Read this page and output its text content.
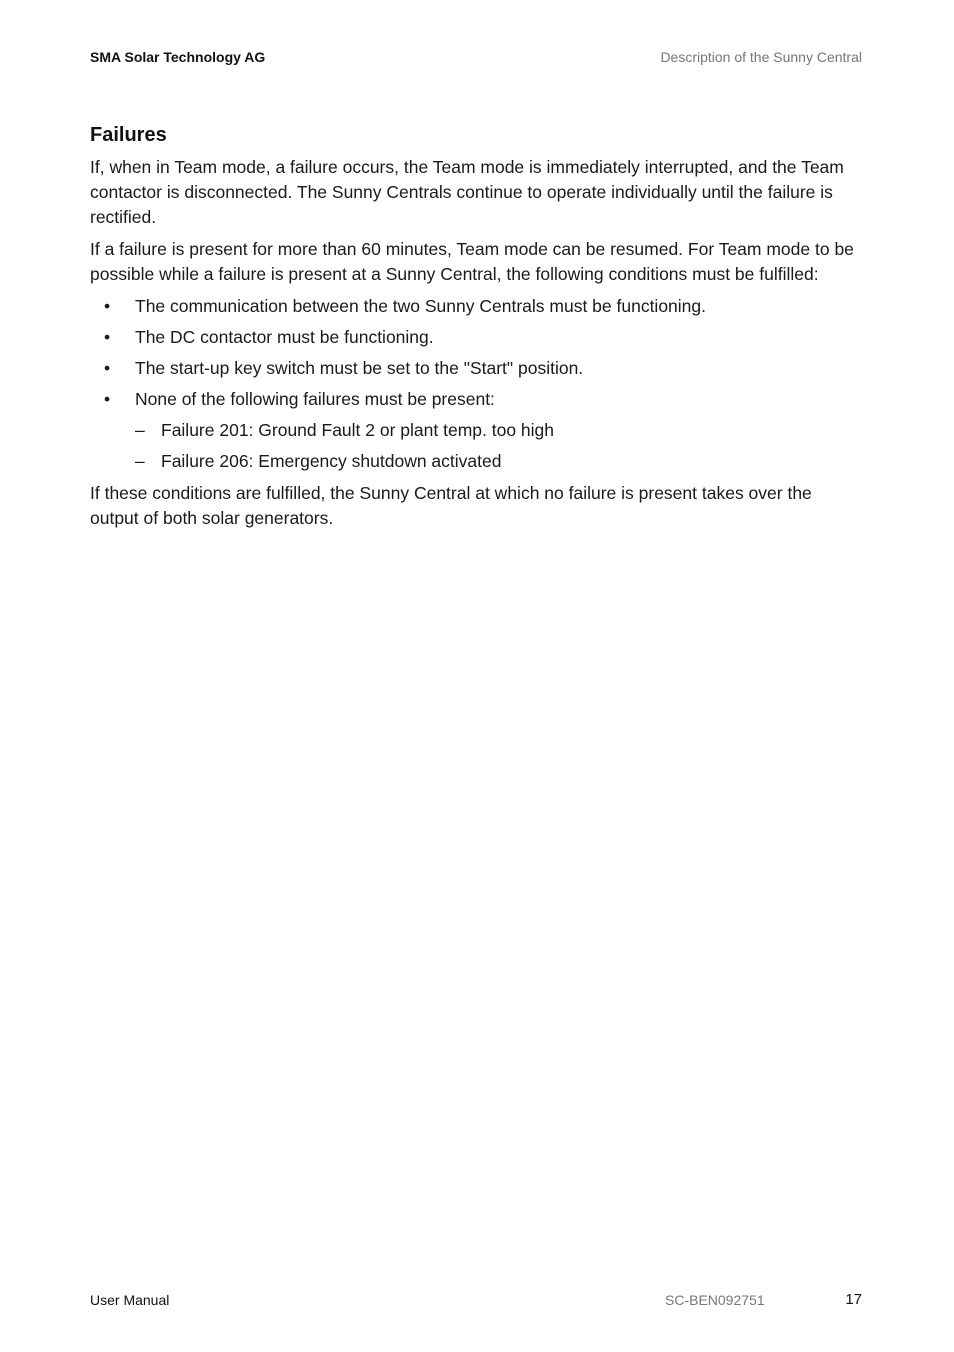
SMA Solar Technology AG	Description of the Sunny Central
Failures

If, when in Team mode, a failure occurs, the Team mode is immediately interrupted, and the Team contactor is disconnected. The Sunny Centrals continue to operate individually until the failure is rectified.

If a failure is present for more than 60 minutes, Team mode can be resumed. For Team mode to be possible while a failure is present at a Sunny Central, the following conditions must be fulfilled:

• The communication between the two Sunny Centrals must be functioning.
• The DC contactor must be functioning.
• The start-up key switch must be set to the "Start" position.
• None of the following failures must be present:
– Failure 201: Ground Fault 2 or plant temp. too high
– Failure 206: Emergency shutdown activated

If these conditions are fulfilled, the Sunny Central at which no failure is present takes over the output of both solar generators.

User Manual	SC-BEN092751	17
